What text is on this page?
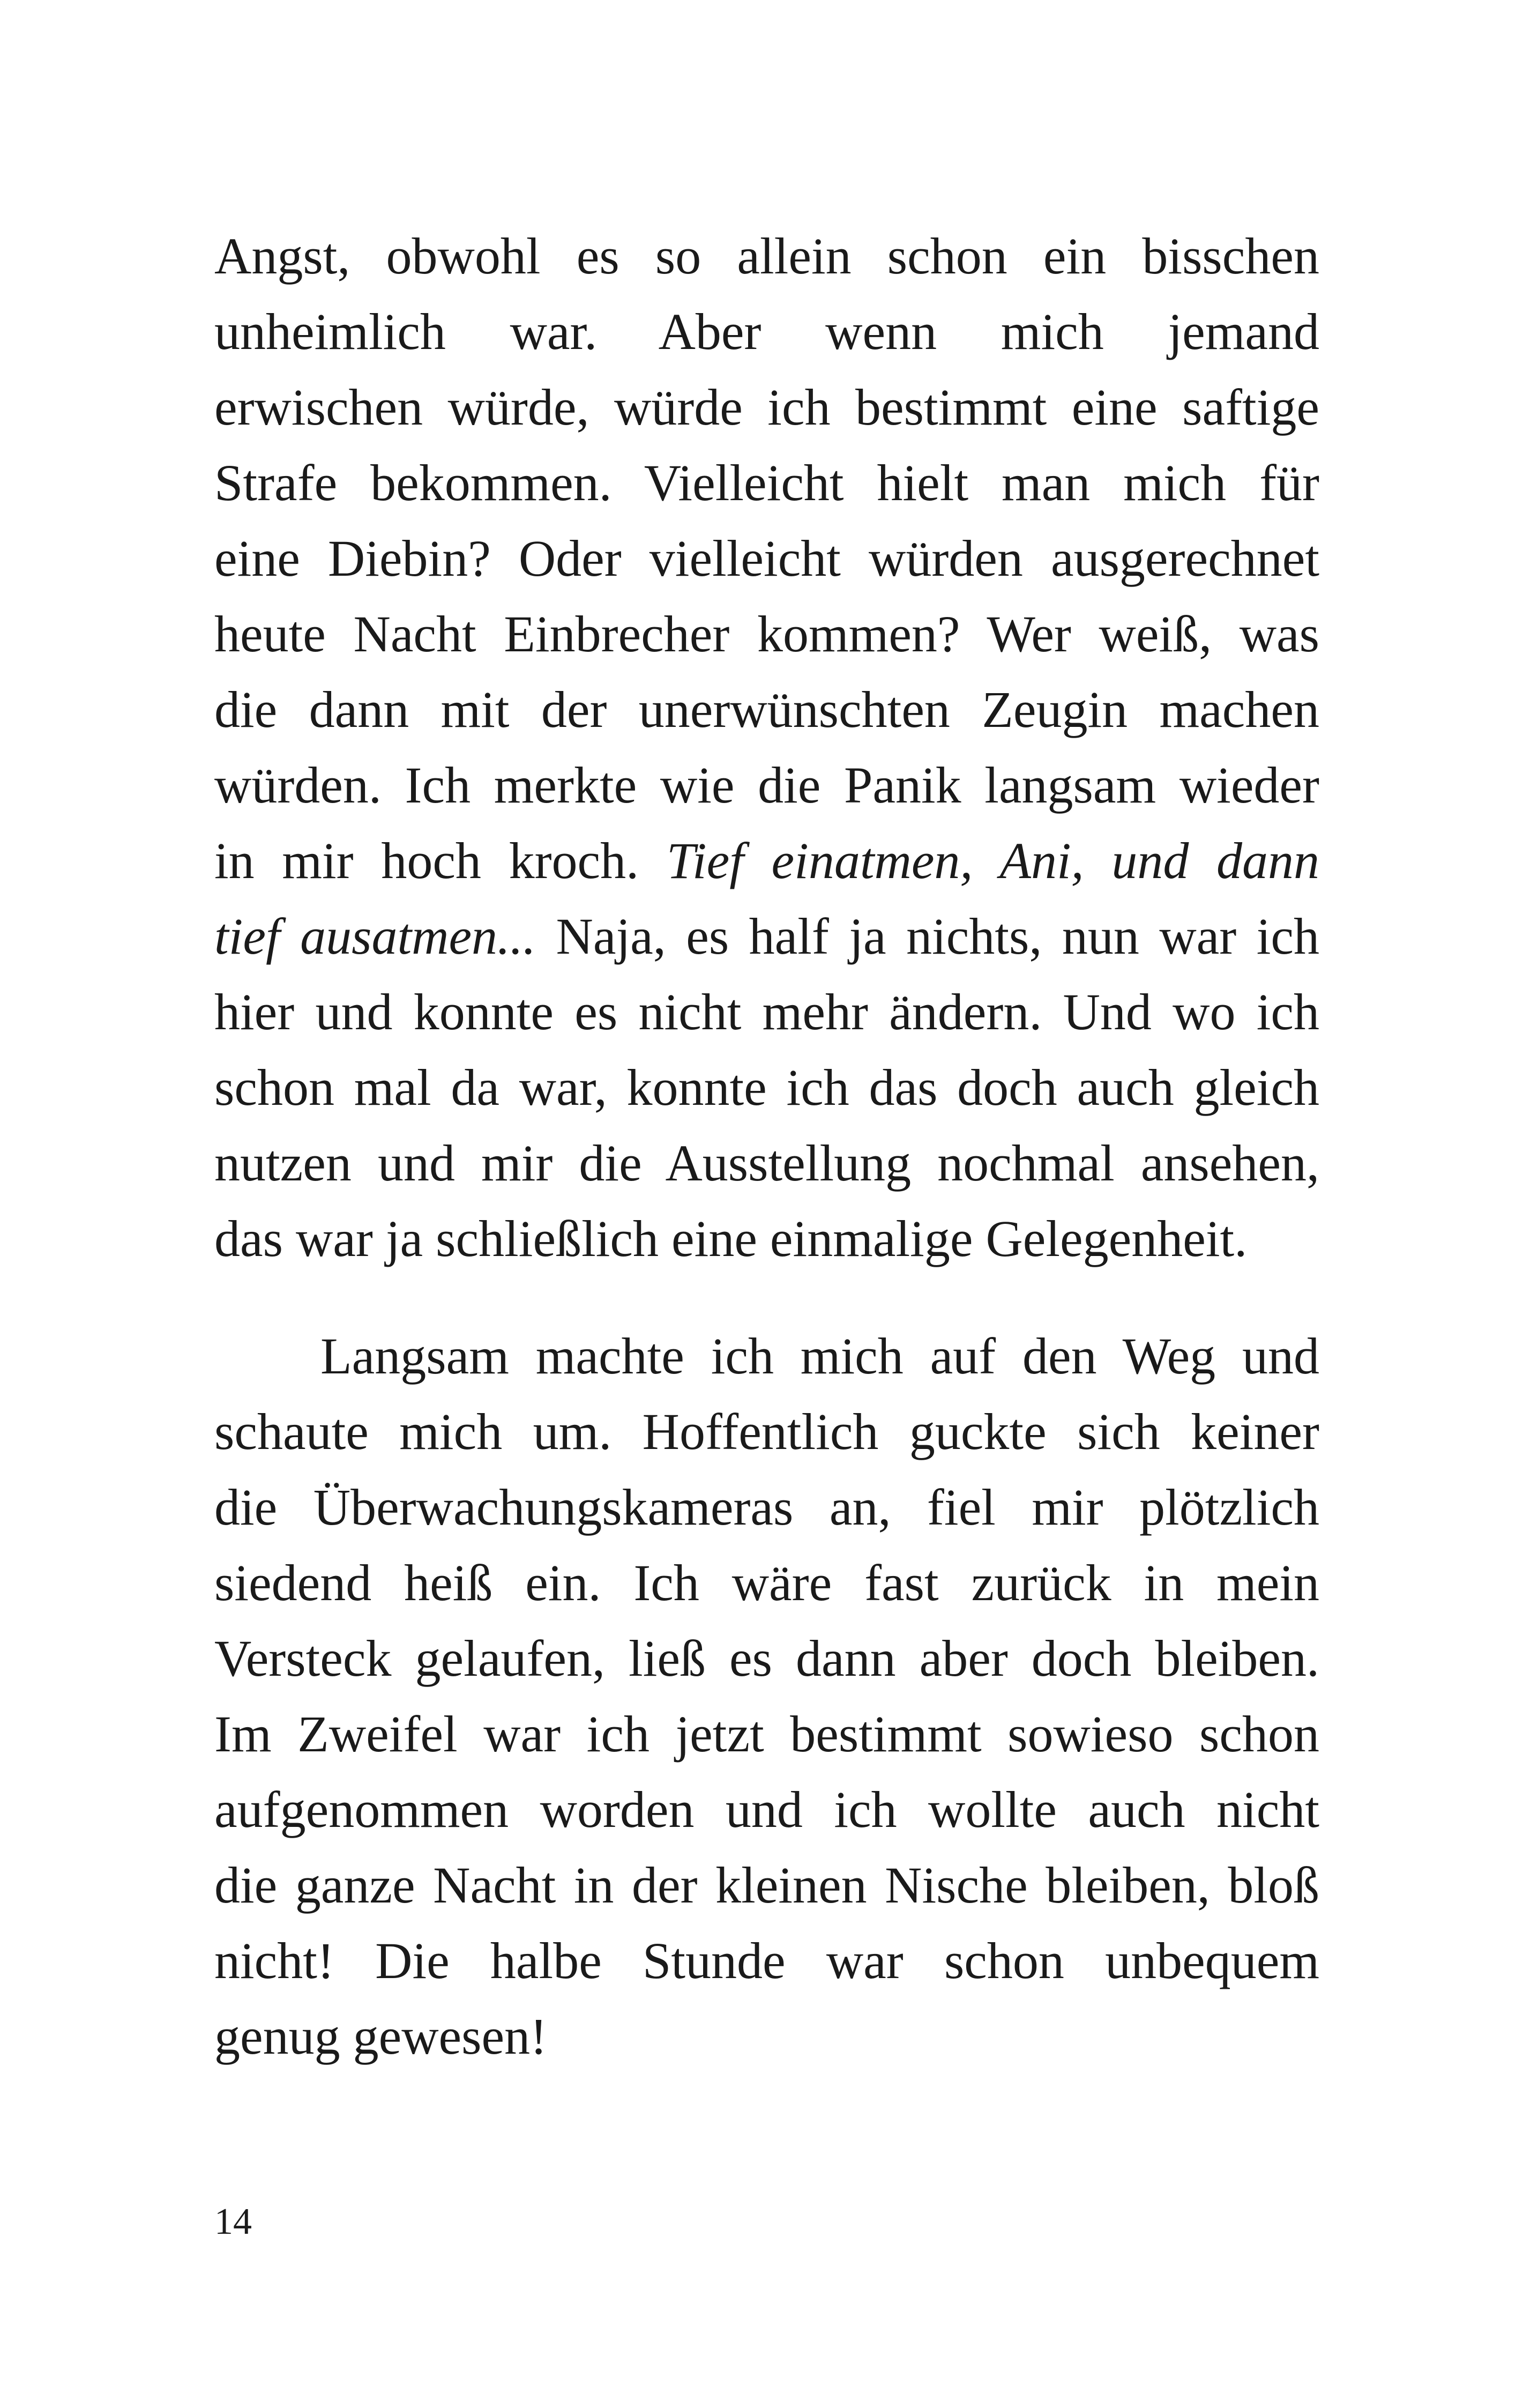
Angst, obwohl es so allein schon ein bisschen
unheimlich war. Aber wenn mich jemand
erwischen würde, würde ich bestimmt eine saftige
Strafe bekommen. Vielleicht hielt man mich für
eine Diebin? Oder vielleicht würden ausgerechnet
heute Nacht Einbrecher kommen? Wer weiß, was
die dann mit der unerwünschten Zeugin machen
würden. Ich merkte wie die Panik langsam wieder
in mir hoch kroch. Tief einatmen, Ani, und dann
tief ausatmen... Naja, es half ja nichts, nun war ich
hier und konnte es nicht mehr ändern. Und wo ich
schon mal da war, konnte ich das doch auch gleich
nutzen und mir die Ausstellung nochmal ansehen,
das war ja schließlich eine einmalige Gelegenheit.
Langsam machte ich mich auf den Weg und
schaute mich um. Hoffentlich guckte sich keiner
die Überwachungskameras an, fiel mir plötzlich
siedend heiß ein. Ich wäre fast zurück in mein
Versteck gelaufen, ließ es dann aber doch bleiben.
Im Zweifel war ich jetzt bestimmt sowieso schon
aufgenommen worden und ich wollte auch nicht
die ganze Nacht in der kleinen Nische bleiben, bloß
nicht! Die halbe Stunde war schon unbequem
genug gewesen!
14
